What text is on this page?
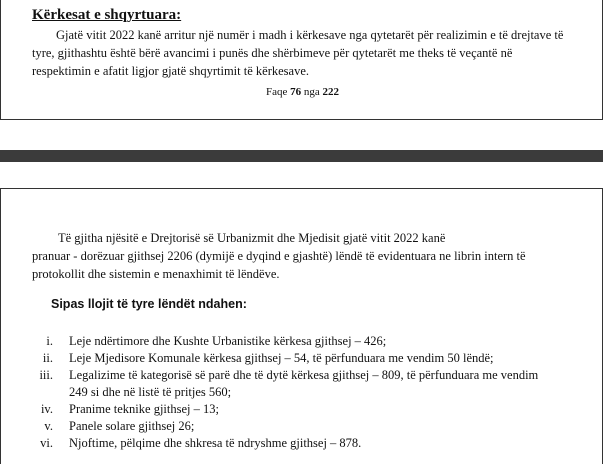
Kërkesat e shqyrtuara:

Gjatë vitit 2022 kanë arritur një numër i madh i kërkesave nga qytetarët për realizimin e të drejtave të tyre, gjithashtu është bërë avancimi i punës dhe shërbimeve për qytetarët me theks të veçantë në respektimin e afatit ligjor gjatë shqyrtimit të kërkesave.

Faqe 76 nga 222

Të gjitha njësitë e Drejtorisë së Urbanizmit dhe Mjedisit gjatë vitit 2022 kanë
pranuar - dorëzuar gjithsej 2206 (dymijë e dyqind e gjashtë) lëndë të evidentuara ne librin intern të
protokollit dhe sistemin e menaxhimit të lëndëve.

Sipas llojit të tyre lëndët ndahen:
i. Leje ndërtimore dhe Kushte Urbanistike kërkesa gjithsej – 426;
ii. Leje Mjedisore Komunale kërkesa gjithsej – 54, të përfunduara me vendim 50 lëndë;
iii. Legalizime të kategorisë së parë dhe të dytë kërkesa gjithsej – 809, të përfunduara me vendim 249 si dhe në listë të pritjes 560;
iv. Pranime teknike gjithsej – 13;
v. Panele solare gjithsej 26;
vi. Njoftime, pëlqime dhe shkresa të ndryshme gjithsej – 878.
